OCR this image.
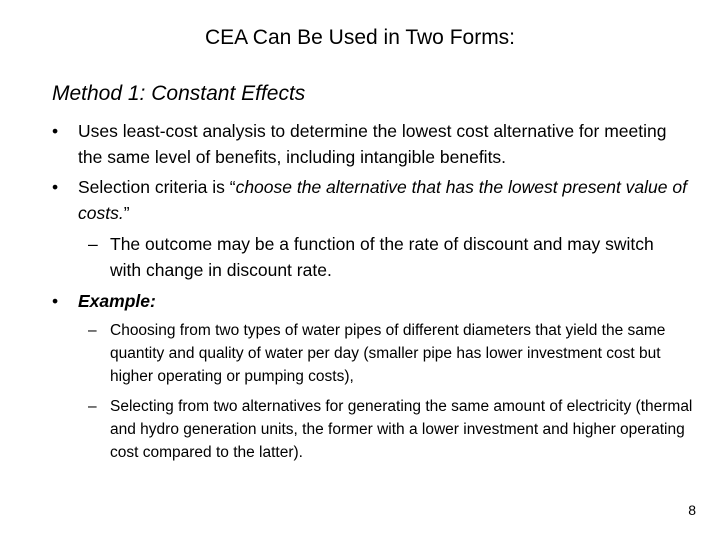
CEA Can Be Used in Two Forms:
Method 1: Constant Effects
• Uses least-cost analysis to determine the lowest cost alternative for meeting the same level of benefits, including intangible benefits.
• Selection criteria is “choose the alternative that has the lowest present value of costs.”
– The outcome may be a function of the rate of discount and may switch with change in discount rate.
• Example:
– Choosing from two types of water pipes of different diameters that yield the same quantity and quality of water per day (smaller pipe has lower investment cost but higher operating or pumping costs),
– Selecting from two alternatives for generating the same amount of electricity (thermal and hydro generation units, the former with a lower investment and higher operating cost compared to the latter).
8
